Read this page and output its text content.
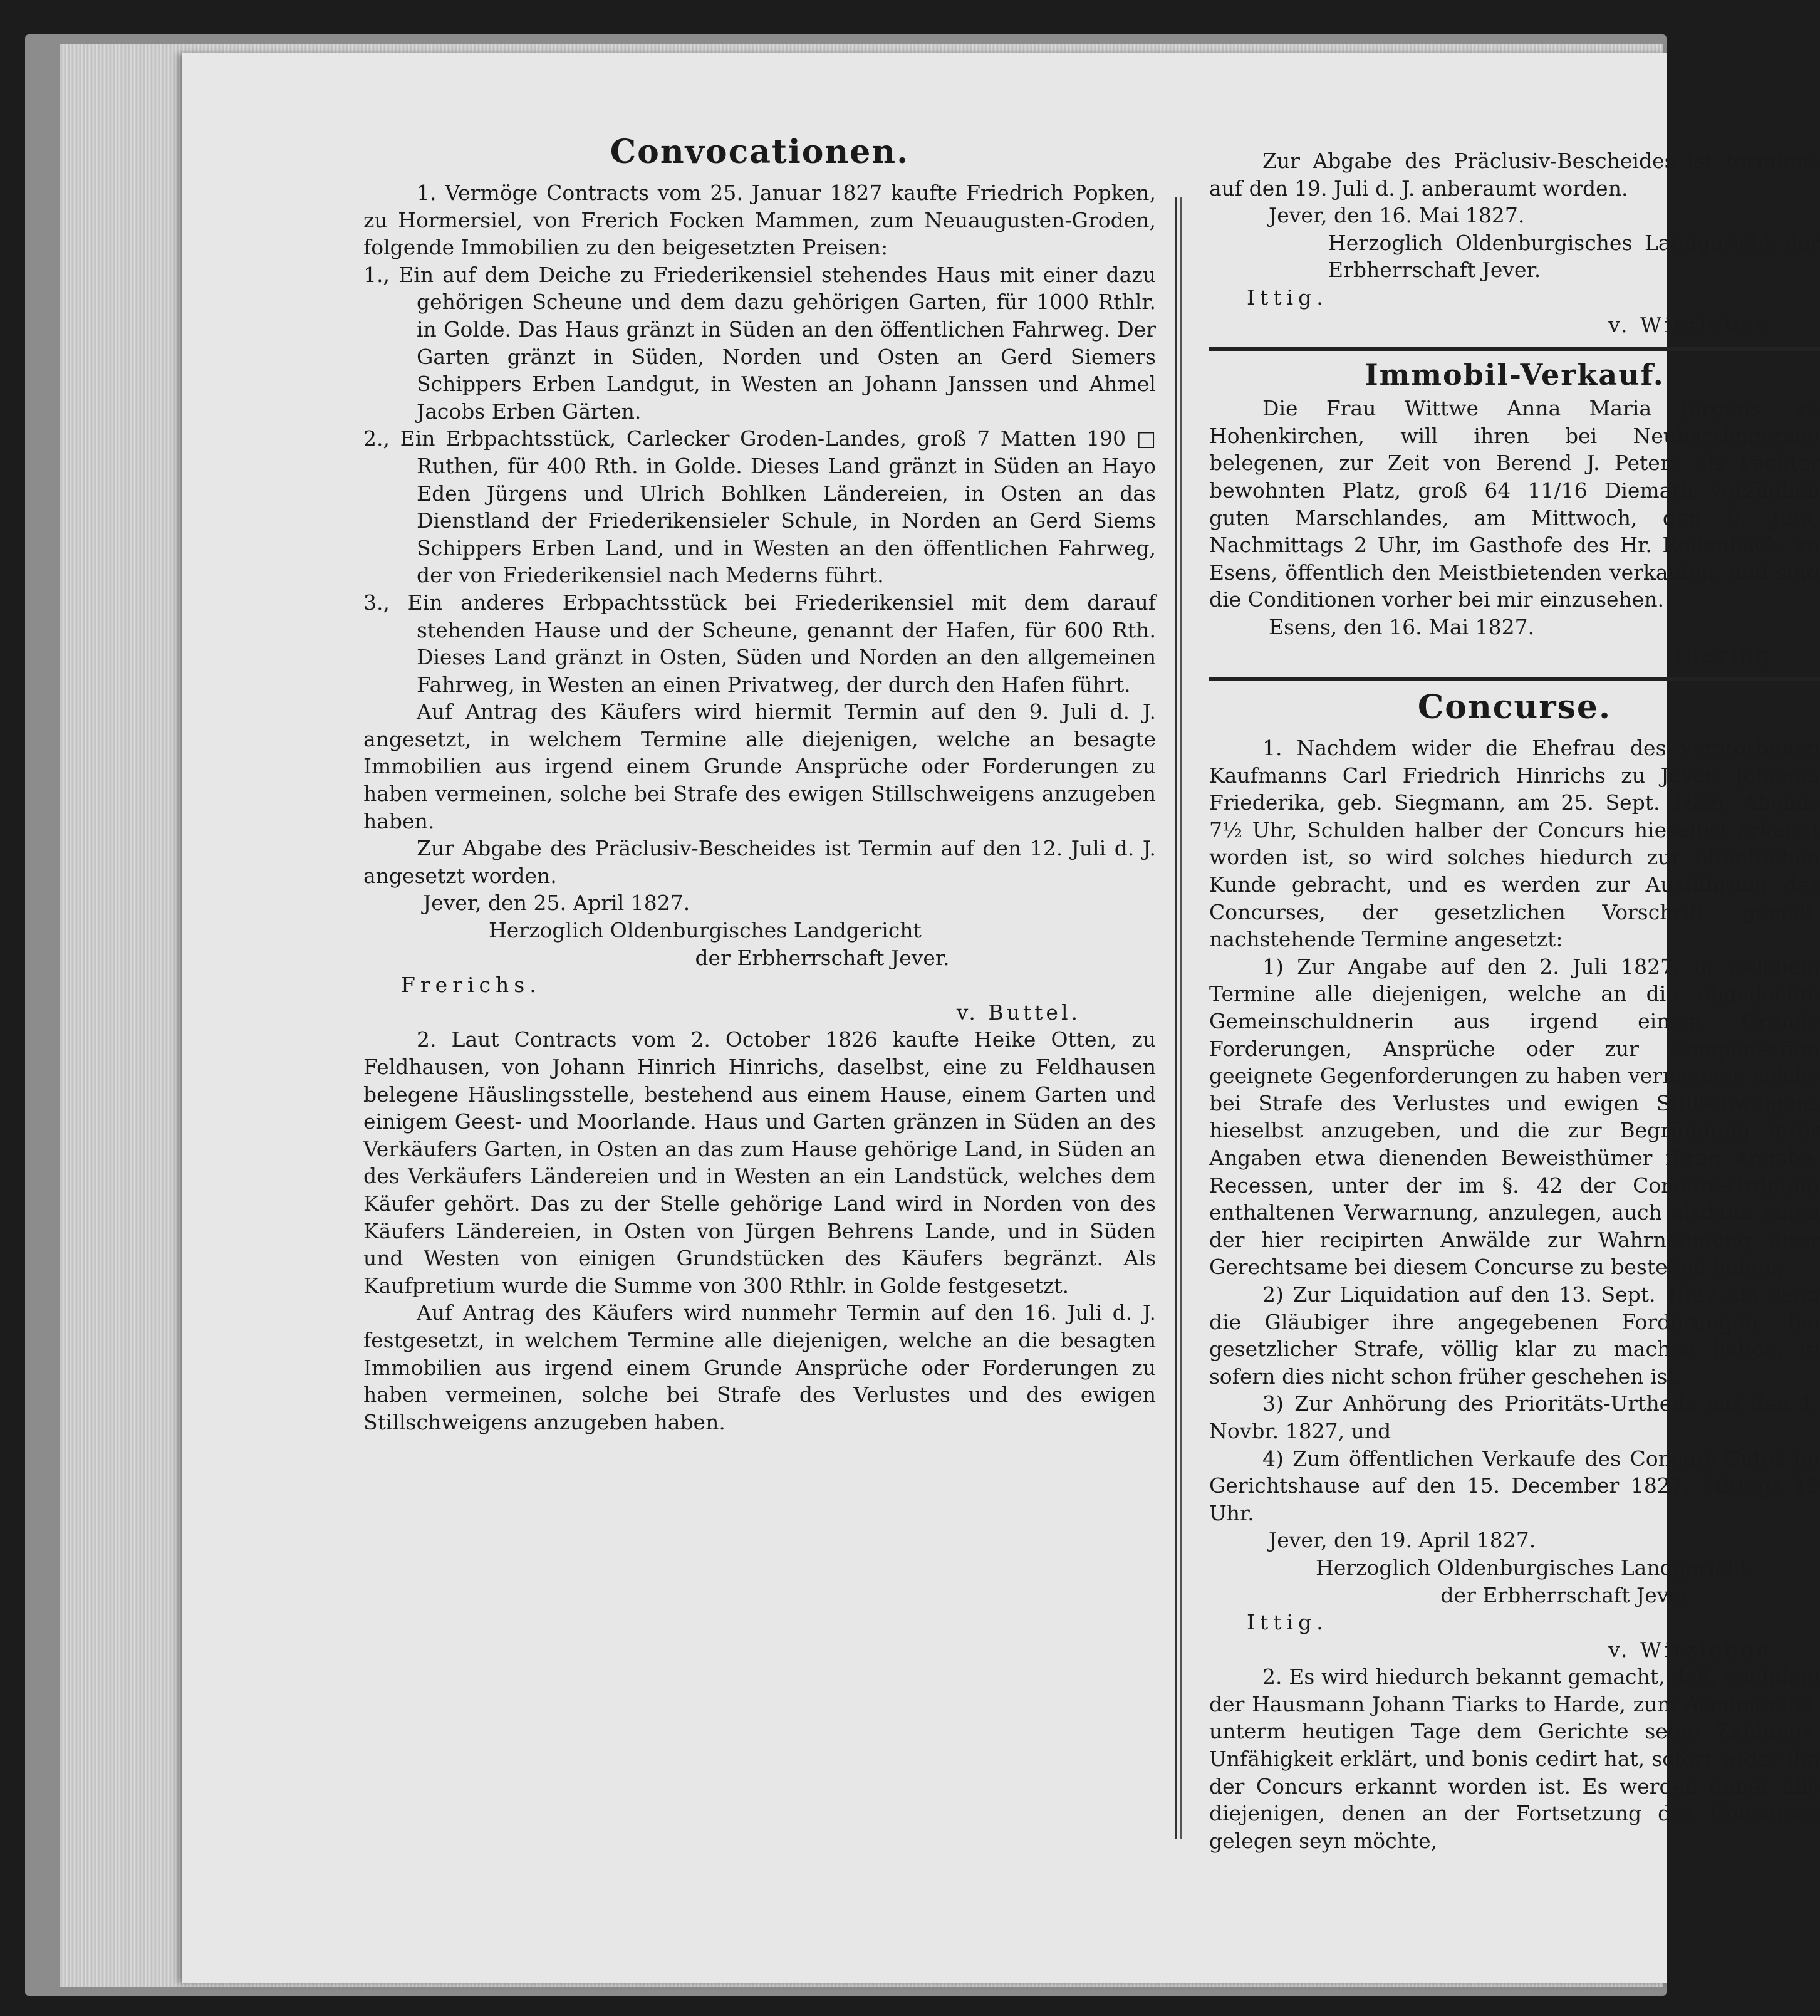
Convocationen.

1. Vermöge Contracts vom 25. Januar 1827 kaufte Friedrich Popken, zu Hormersiel, von Frerich Focken Mammen, zum Neuaugusten-Groden, folgende Immobilien zu den beigesetzten Preisen:

1., Ein auf dem Deiche zu Friederikensiel stehendes Haus mit einer dazu gehörigen Scheune und dem dazu gehörigen Garten, für 1000 Rthlr. in Golde. Das Haus gränzt in Süden an den öffentlichen Fahrweg. Der Garten gränzt in Süden, Norden und Osten an Gerd Siemers Schippers Erben Landgut, in Westen an Johann Janssen und Ahmel Jacobs Erben Gärten.

2., Ein Erbpachtsstück, Carlecker Groden-Landes, groß 7 Matten 190 □ Ruthen, für 400 Rth. in Golde. Dieses Land gränzt in Süden an Hayo Eden Jürgens und Ulrich Bohlken Ländereien, in Osten an das Dienstland der Friederikensieler Schule, in Norden an Gerd Siems Schippers Erben Land, und in Westen an den öffentlichen Fahrweg, der von Friederikensiel nach Mederns führt.

3., Ein anderes Erbpachtsstück bei Friederikensiel mit dem darauf stehenden Hause und der Scheune, genannt der Hafen, für 600 Rth. Dieses Land gränzt in Osten, Süden und Norden an den allgemeinen Fahrweg, in Westen an einen Privatweg, der durch den Hafen führt.

Auf Antrag des Käufers wird hiermit Termin auf den 9. Juli d. J. angesetzt, in welchem Termine alle diejenigen, welche an besagte Immobilien aus irgend einem Grunde Ansprüche oder Forderungen zu haben vermeinen, solche bei Strafe des ewigen Stillschweigens anzugeben haben.

Zur Abgabe des Präclusiv-Bescheides ist Termin auf den 12. Juli d. J. angesetzt worden.

Jever, den 25. April 1827.

Herzoglich Oldenburgisches Landgericht

der Erbherrschaft Jever.

Frerichs.

v. Buttel.

2. Laut Contracts vom 2. October 1826 kaufte Heike Otten, zu Feldhausen, von Johann Hinrich Hinrichs, daselbst, eine zu Feldhausen belegene Häuslingsstelle, bestehend aus einem Hause, einem Garten und einigem Geest- und Moorlande. Haus und Garten gränzen in Süden an des Verkäufers Garten, in Osten an das zum Hause gehörige Land, in Süden an des Verkäufers Ländereien und in Westen an ein Landstück, welches dem Käufer gehört. Das zu der Stelle gehörige Land wird in Norden von des Käufers Ländereien, in Osten von Jürgen Behrens Lande, und in Süden und Westen von einigen Grundstücken des Käufers begränzt. Als Kaufpretium wurde die Summe von 300 Rthlr. in Golde festgesetzt.

Auf Antrag des Käufers wird nunmehr Termin auf den 16. Juli d. J. festgesetzt, in welchem Termine alle diejenigen, welche an die besagten Immobilien aus irgend einem Grunde Ansprüche oder Forderungen zu haben vermeinen, solche bei Strafe des Verlustes und des ewigen Stillschweigens anzugeben haben.

Zur Abgabe des Präclusiv-Bescheides ist terminus auf den 19. Juli d. J. anberaumt worden.

Jever, den 16. Mai 1827.

Herzoglich Oldenburgisches Landgericht der Erbherrschaft Jever.

Ittig.

v. Witzleben.

Immobil-Verkauf.

Die Frau Wittwe Anna Maria Jürgens, zu Hohenkirchen, will ihren bei Neuharrlingersiel belegenen, zur Zeit von Berend J. Peters als Pächter bewohnten Platz, groß 64 11/16 Diemath vorzüglich guten Marschlandes, am Mittwoch, den 6. Juni, Nachmittags 2 Uhr, im Gasthofe des Hr. Rodenbäck, zu Esens, öffentlich den Meistbietenden verkaufen, und sind die Conditionen vorher bei mir einzusehen.

Esens, den 16. Mai 1827.

Ihering.

Concurse.

1. Nachdem wider die Ehefrau des verstorbenen Kaufmanns Carl Friedrich Hinrichs zu Jever, Johanna Friederika, geb. Siegmann, am 25. Sept. 1826, Abends 7½ Uhr, Schulden halber der Concurs hieselbst erkannt worden ist, so wird solches hiedurch zur öffentlichen Kunde gebracht, und es werden zur Ausführung des Concurses, der gesetzlichen Vorschrift gemäß, nachstehende Termine angesetzt:

1) Zur Angabe auf den 2. Juli 1827, in welchem Termine alle diejenigen, welche an die obgedachte Gemeinschuldnerin aus irgend einem Grunde Forderungen, Ansprüche oder zur Compensation geeignete Gegenforderungen zu haben vermeinen, solche bei Strafe des Verlustes und ewigen Stillschweigens hieselbst anzugeben, und die zur Begründung ihrer Angaben etwa dienenden Beweisthümer ihren Angabe-Recessen, unter der im §. 42 der Concurs-Ordnung enthaltenen Verwarnung, anzulegen, auch alsdann einen der hier recipirten Anwälde zur Wahrnehmung ihrer Gerechtsame bei diesem Concurse zu bestellen haben;

2) Zur Liquidation auf den 13. Sept. 1827, da denn die Gläubiger ihre angegebenen Forderungen, bei gesetzlicher Strafe, völlig klar zu machen haben, in sofern dies nicht schon früher geschehen ist;

3) Zur Anhörung des Prioritäts-Urtheils auf den 1. Novbr. 1827, und

4) Zum öffentlichen Verkaufe des Concurs-Gutes im Gerichtshause auf den 15. December 1827, Mittags 12 Uhr.

Jever, den 19. April 1827.

Herzoglich Oldenburgisches Landgericht

der Erbherrschaft Jever.

Ittig.

v. Witzleben.

2. Es wird hiedurch bekannt gemacht, daß, nachdem der Hausmann Johann Tiarks to Harde, zum Accumersiel, unterm heutigen Tage dem Gerichte seine Zahlungs-Unfähigkeit erklärt, und bonis cedirt hat, sofort wider ihn der Concurs erkannt worden ist. Es werden daher alle diejenigen, denen an der Fortsetzung des Concurses gelegen seyn möchte,
